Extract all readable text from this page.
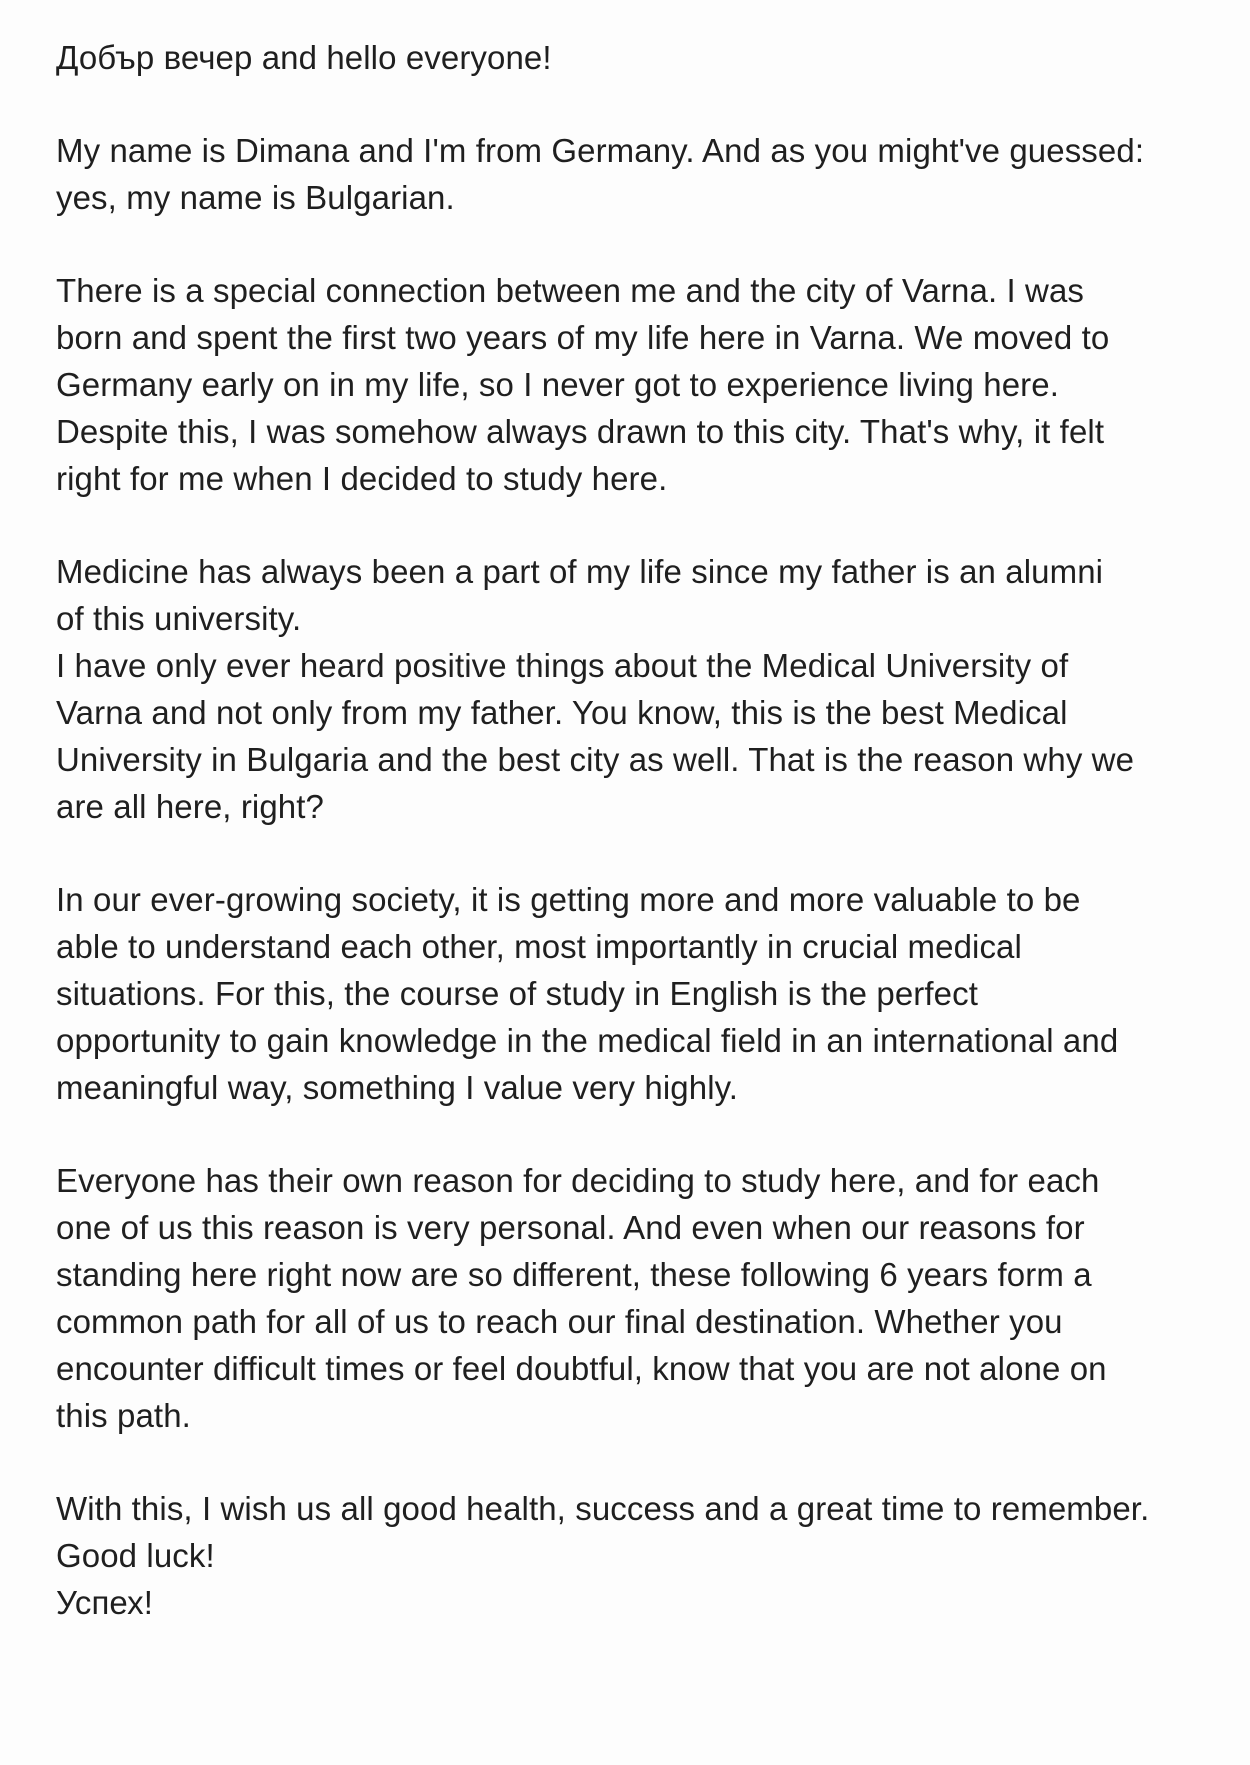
Добър вечер and hello everyone!

My name is Dimana and I'm from Germany. And as you might've guessed:
yes, my name is Bulgarian.

There is a special connection between me and the city of Varna. I was
born and spent the first two years of my life here in Varna. We moved to
Germany early on in my life, so I never got to experience living here.
Despite this, I was somehow always drawn to this city. That's why, it felt
right for me when I decided to study here.

Medicine has always been a part of my life since my father is an alumni
of this university.
I have only ever heard positive things about the Medical University of
Varna and not only from my father. You know, this is the best Medical
University in Bulgaria and the best city as well. That is the reason why we
are all here, right?

In our ever-growing society, it is getting more and more valuable to be
able to understand each other, most importantly in crucial medical
situations. For this, the course of study in English is the perfect
opportunity to gain knowledge in the medical field in an international and
meaningful way, something I value very highly.

Everyone has their own reason for deciding to study here, and for each
one of us this reason is very personal. And even when our reasons for
standing here right now are so different, these following 6 years form a
common path for all of us to reach our final destination. Whether you
encounter difficult times or feel doubtful, know that you are not alone on
this path.

With this, I wish us all good health, success and a great time to remember.
Good luck!
Успех!
